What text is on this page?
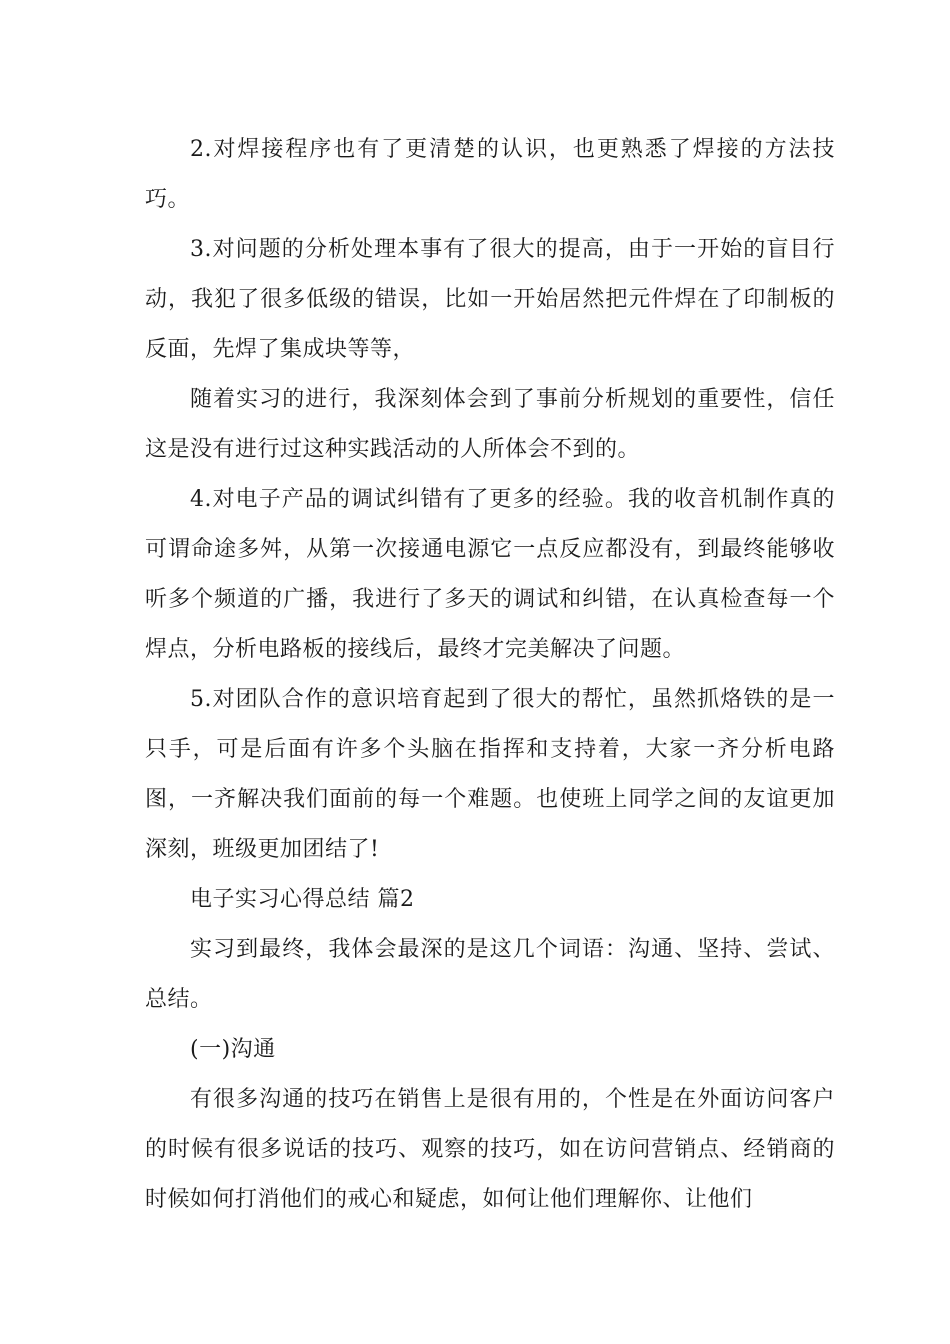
2.对焊接程序也有了更清楚的认识，也更熟悉了焊接的方法技巧。

3.对问题的分析处理本事有了很大的提高，由于一开始的盲目行动，我犯了很多低级的错误，比如一开始居然把元件焊在了印制板的反面，先焊了集成块等等，

随着实习的进行，我深刻体会到了事前分析规划的重要性，信任这是没有进行过这种实践活动的人所体会不到的。

4.对电子产品的调试纠错有了更多的经验。我的收音机制作真的可谓命途多舛，从第一次接通电源它一点反应都没有，到最终能够收听多个频道的广播，我进行了多天的调试和纠错，在认真检查每一个焊点，分析电路板的接线后，最终才完美解决了问题。

5.对团队合作的意识培育起到了很大的帮忙，虽然抓烙铁的是一只手，可是后面有许多个头脑在指挥和支持着，大家一齐分析电路图，一齐解决我们面前的每一个难题。也使班上同学之间的友谊更加深刻，班级更加团结了!

电子实习心得总结 篇2

实习到最终，我体会最深的是这几个词语：沟通、坚持、尝试、总结。

(一)沟通

有很多沟通的技巧在销售上是很有用的，个性是在外面访问客户的时候有很多说话的技巧、观察的技巧，如在访问营销点、经销商的时候如何打消他们的戒心和疑虑，如何让他们理解你、让他们
